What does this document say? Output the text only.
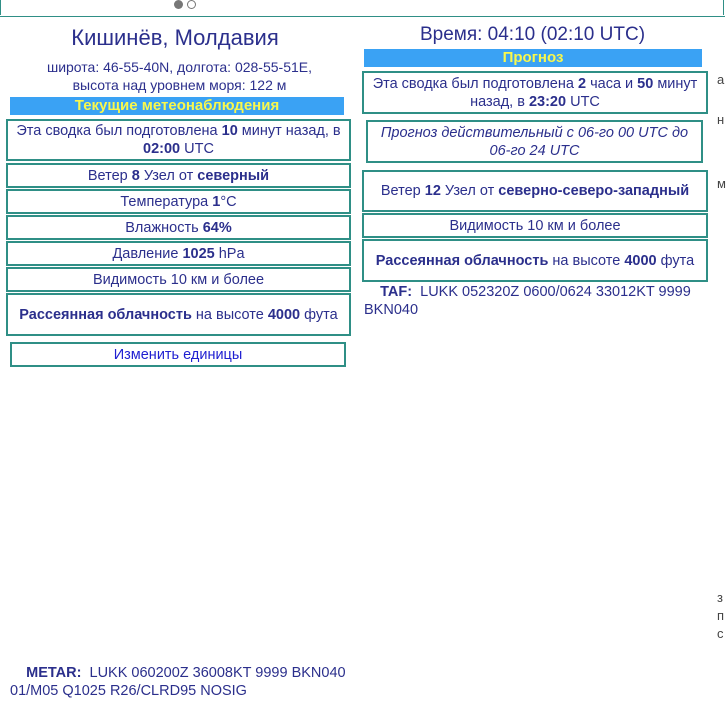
Кишинёв, Молдавия
широта: 46-55-40N, долгота: 028-55-51E,
высота над уровнем моря: 122 м
Текущие метеонаблюдения
Эта сводка был подготовлена 10 минут назад, в 02:00 UTC
Ветер 8 Узел от северный
Температура 1°C
Влажность 64%
Давление 1025 hPa
Видимость 10 км и более
Рассеянная облачность на высоте 4000 фута
Изменить единицы
Время: 04:10 (02:10 UTC)
Прогноз
Эта сводка был подготовлена 2 часа и 50 минут назад, в 23:20 UTC
Прогноз действительный с 06-го 00 UTC до 06-го 24 UTC
Ветер 12 Узел от северно-северо-западный
Видимость 10 км и более
Рассеянная облачность на высоте 4000 фута
TAF: LUKK 052320Z 0600/0624 33012KT 9999 BKN040
METAR: LUKK 060200Z 36008KT 9999 BKN040 01/M05 Q1025 R26/CLRD95 NOSIG
а
н
м
з
п
с
